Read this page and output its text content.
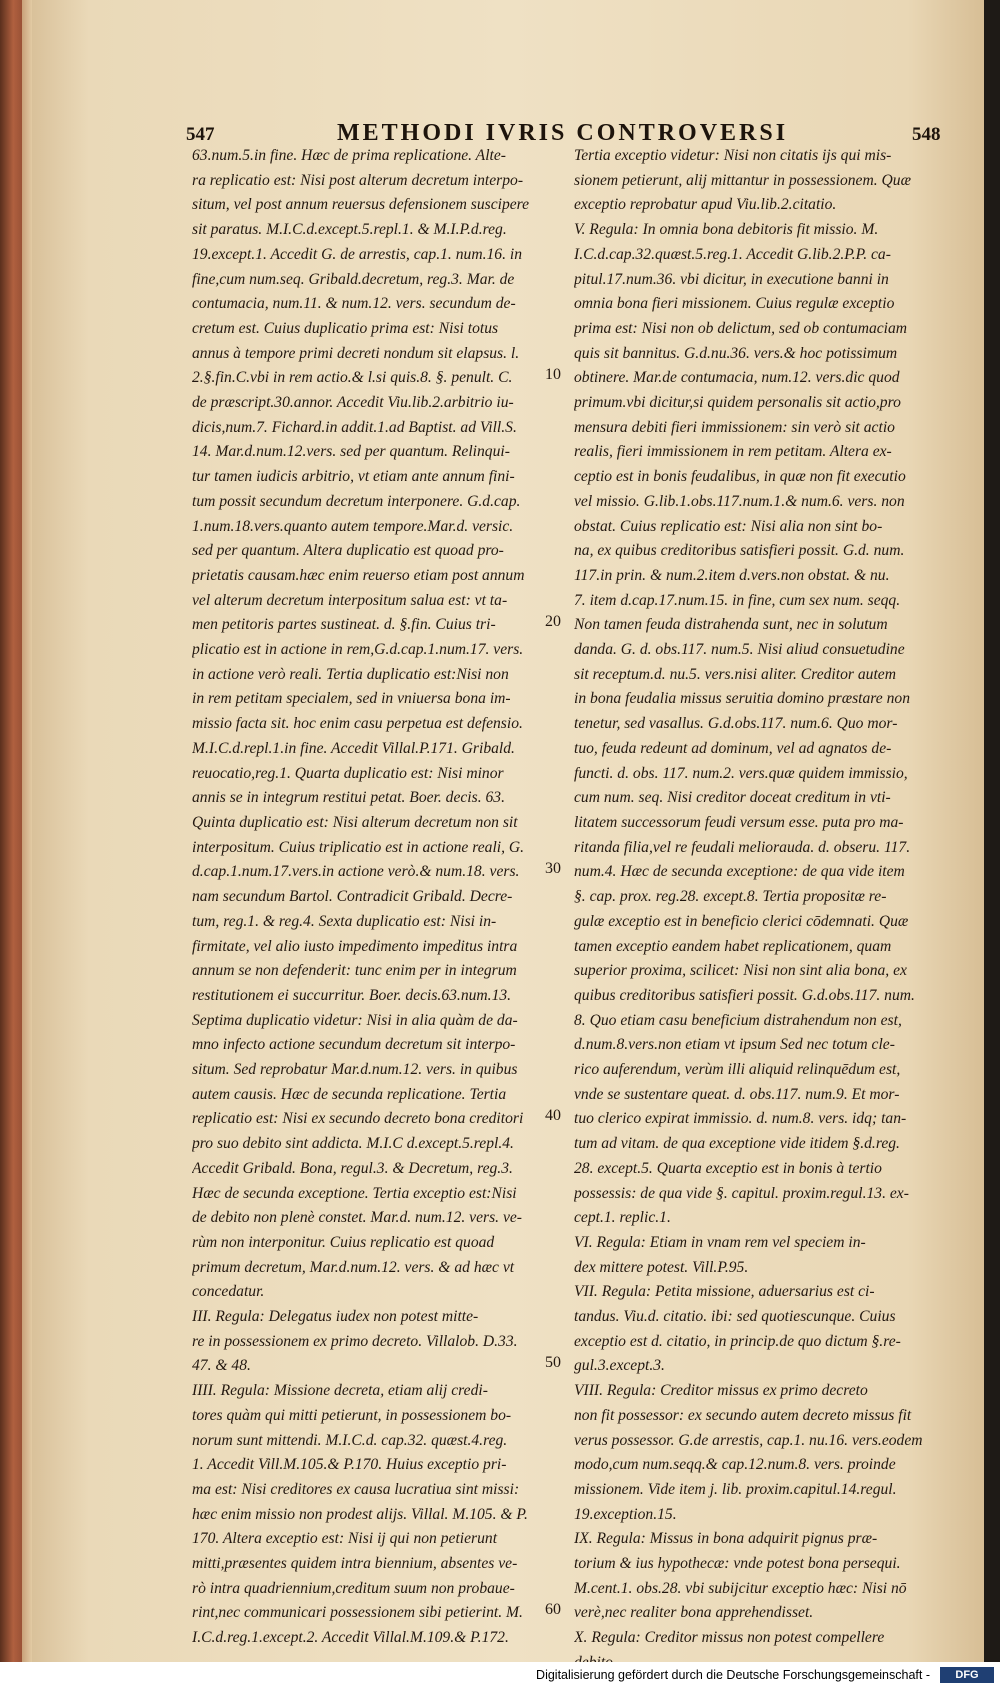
547	METHODI IVRIS CONTROVERSI	548
63.num.5.in fine. Hæc de prima replicatione. Alte-
ra replicatio est: Nisi post alterum decretum interpo-
situm, vel post annum reuersus defensionem suscipere
sit paratus. M.I.C.d.except.5.repl.1. & M.I.P.d.reg.
19.except.1. Accedit G. de arrestis, cap.1. num.16. in
fine,cum num.seq. Gribald.decretum, reg.3. Mar. de
contumacia, num.11. & num.12. vers. secundum de-
cretum est. Cuius duplicatio prima est: Nisi totus
annus à tempore primi decreti nondum sit elapsus. l.
2.§.fin.C.vbi in rem actio.& l.si quis.8. §. penult. C.
de præscript.30.annor. Accedit Viu.lib.2.arbitrio iu-
dicis,num.7. Fichard.in addit.1.ad Baptist. ad Vill.S.
14. Mar.d.num.12.vers. sed per quantum. Relinqui-
tur tamen iudicis arbitrio, vt etiam ante annum fini-
tum possit secundum decretum interponere. G.d.cap.
1.num.18.vers.quanto autem tempore.Mar.d. versic.
sed per quantum. Altera duplicatio est quoad pro-
prietatis causam.hæc enim reuerso etiam post annum
vel alterum decretum interpositum salua est: vt ta-
men petitoris partes sustineat. d. §.fin. Cuius tri-
plicatio est in actione in rem,G.d.cap.1.num.17. vers.
in actione verò reali. Tertia duplicatio est:Nisi non
in rem petitam specialem, sed in vniuersa bona im-
missio facta sit. hoc enim casu perpetua est defensio.
M.I.C.d.repl.1.in fine. Accedit Villal.P.171. Gribald.
reuocatio,reg.1. Quarta duplicatio est: Nisi minor
annis se in integrum restitui petat. Boer. decis. 63.
Quinta duplicatio est: Nisi alterum decretum non sit
interpositum. Cuius triplicatio est in actione reali, G.
d.cap.1.num.17.vers.in actione verò.& num.18. vers.
nam secundum Bartol. Contradicit Gribald. Decre-
tum, reg.1. & reg.4. Sexta duplicatio est: Nisi in-
firmitate, vel alio iusto impedimento impeditus intra
annum se non defenderit: tunc enim per in integrum
restitutionem ei succurritur. Boer. decis.63.num.13.
Septima duplicatio videtur: Nisi in alia quàm de da-
mno infecto actione secundum decretum sit interpo-
situm. Sed reprobatur Mar.d.num.12. vers. in quibus
autem causis. Hæc de secunda replicatione. Tertia
replicatio est: Nisi ex secundo decreto bona creditori
pro suo debito sint addicta. M.I.C d.except.5.repl.4.
Accedit Gribald. Bona, regul.3. & Decretum, reg.3.
Hæc de secunda exceptione. Tertia exceptio est:Nisi
de debito non plenè constet. Mar.d. num.12. vers. ve-
rùm non interponitur. Cuius replicatio est quoad
primum decretum, Mar.d.num.12. vers. & ad hæc vt
concedatur.
III. Regula: Delegatus iudex non potest mitte-
re in possessionem ex primo decreto. Villalob. D.33.
47. & 48.
IIII. Regula: Missione decreta, etiam alij credi-
tores quàm qui mitti petierunt, in possessionem bo-
norum sunt mittendi. M.I.C.d. cap.32. quæst.4.reg.
1. Accedit Vill.M.105.& P.170. Huius exceptio pri-
ma est: Nisi creditores ex causa lucratiua sint missi:
hæc enim missio non prodest alijs. Villal. M.105. & P.
170. Altera exceptio est: Nisi ij qui non petierunt
mitti,præsentes quidem intra biennium, absentes ve-
rò intra quadriennium,creditum suum non probaue-
rint,nec communicari possessionem sibi petierint. M.
I.C.d.reg.1.except.2. Accedit Villal.M.109.& P.172.
Tertia exceptio videtur: Nisi non citatis ijs qui mis-
sionem petierunt, alij mittantur in possessionem. Quæ
exceptio reprobatur apud Viu.lib.2.citatio.
V. Regula: In omnia bona debitoris fit missio. M.
I.C.d.cap.32.quæst.5.reg.1. Accedit G.lib.2.P.P. ca-
pitul.17.num.36. vbi dicitur, in executione banni in
omnia bona fieri missionem. Cuius regulæ exceptio
prima est: Nisi non ob delictum, sed ob contumaciam
quis sit bannitus. G.d.nu.36. vers.& hoc potissimum
obtinere. Mar.de contumacia, num.12. vers.dic quod
primum.vbi dicitur,si quidem personalis sit actio,pro
mensura debiti fieri immissionem: sin verò sit actio
realis, fieri immissionem in rem petitam. Altera ex-
ceptio est in bonis feudalibus, in quæ non fit executio
vel missio. G.lib.1.obs.117.num.1.& num.6. vers. non
obstat. Cuius replicatio est: Nisi alia non sint bo-
na, ex quibus creditoribus satisfieri possit. G.d. num.
117.in prin. & num.2.item d.vers.non obstat. & nu.
7. item d.cap.17.num.15. in fine, cum sex num. seqq.
Non tamen feuda distrahenda sunt, nec in solutum
danda. G. d. obs.117. num.5. Nisi aliud consuetudine
sit receptum.d. nu.5. vers.nisi aliter. Creditor autem
in bona feudalia missus seruitia domino præstare non
tenetur, sed vasallus. G.d.obs.117. num.6. Quo mor-
tuo, feuda redeunt ad dominum, vel ad agnatos de-
functi. d. obs. 117. num.2. vers.quæ quidem immissio,
cum num. seq. Nisi creditor doceat creditum in vti-
litatem successorum feudi versum esse. puta pro ma-
ritanda filia,vel re feudali meliorauda. d. obseru. 117.
num.4. Hæc de secunda exceptione: de qua vide item
§. cap. prox. reg.28. except.8. Tertia propositæ re-
gulæ exceptio est in beneficio clerici cōdemnati. Quæ
tamen exceptio eandem habet replicationem, quam
superior proxima, scilicet: Nisi non sint alia bona, ex
quibus creditoribus satisfieri possit. G.d.obs.117. num.
8. Quo etiam casu beneficium distrahendum non est,
d.num.8.vers.non etiam vt ipsum Sed nec totum cle-
rico auferendum, verùm illi aliquid relinquēdum est,
vnde se sustentare queat. d. obs.117. num.9. Et mor-
tuo clerico expirat immissio. d. num.8. vers. idq; tan-
tum ad vitam. de qua exceptione vide itidem §.d.reg.
28. except.5. Quarta exceptio est in bonis à tertio
possessis: de qua vide §. capitul. proxim.regul.13. ex-
cept.1. replic.1.
VI. Regula: Etiam in vnam rem vel speciem in-
dex mittere potest. Vill.P.95.
VII. Regula: Petita missione, aduersarius est ci-
tandus. Viu.d. citatio. ibi: sed quotiescunque. Cuius
exceptio est d. citatio, in princip.de quo dictum §.re-
gul.3.except.3.
VIII. Regula: Creditor missus ex primo decreto
non fit possessor: ex secundo autem decreto missus fit
verus possessor. G.de arrestis, cap.1. nu.16. vers.eodem
modo,cum num.seqq.& cap.12.num.8. vers. proinde
missionem. Vide item j. lib. proxim.capitul.14.regul.
19.exception.15.
IX. Regula: Missus in bona adquirit pignus præ-
torium & ius hypothecæ: vnde potest bona persequi.
M.cent.1. obs.28. vbi subijcitur exceptio hæc: Nisi nō
verè,nec realiter bona apprehendisset.
X. Regula: Creditor missus non potest compellere
10
20
30
40
50
60
Digitalisierung gefördert durch die Deutsche Forschungsgemeinschaft -	DFG
